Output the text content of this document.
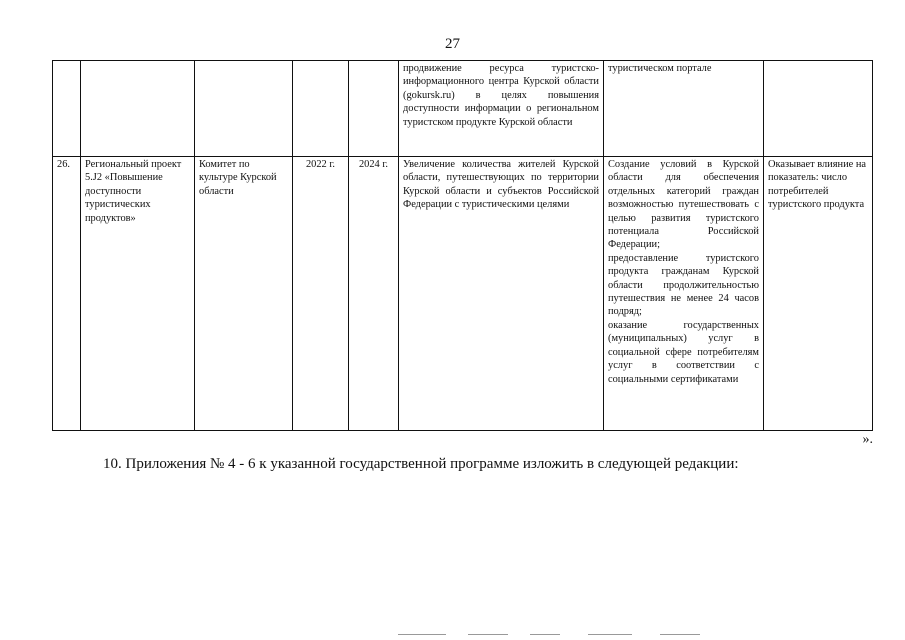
27
					продвижение ресурса туристско-информационного центра Курской области (gokursk.ru) в целях повышения доступности информации о региональном туристском продукте Курской области	туристическом портале	
26.	Региональный проект 5.J2 «Повышение доступности туристических продуктов»	Комитет по культуре Курской области	2022 г.	2024 г.	Увеличение количества жителей Курской области, путешествующих по территории Курской области и субъектов Российской Федерации с туристическими целями	Создание условий в Курской области для обеспечения отдельных категорий граждан возможностью путешествовать с целью развития туристского потенциала Российской Федерации;
предоставление туристского продукта гражданам Курской области продолжительностью путешествия не менее 24 часов подряд;
оказание государственных (муниципальных) услуг в социальной сфере потребителям услуг в соответствии с социальными сертификатами	Оказывает влияние на показатель: число потребителей туристского продукта
».
10. Приложения № 4 - 6 к указанной государственной программе изложить в следующей редакции:
